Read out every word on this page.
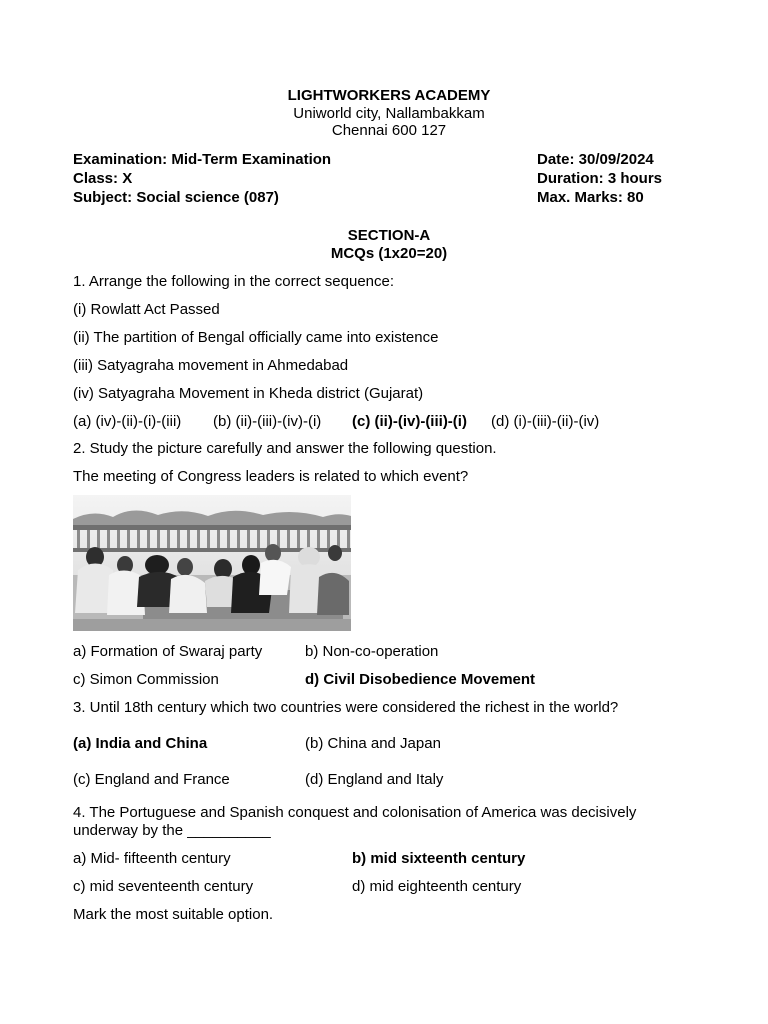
LIGHTWORKERS ACADEMY
Uniworld city, Nallambakkam
Chennai 600 127
Examination: Mid-Term Examination
Class: X
Subject: Social science (087)
Date: 30/09/2024
Duration: 3 hours
Max. Marks: 80
SECTION-A
MCQs (1x20=20)
1. Arrange the following in the correct sequence:
(i) Rowlatt Act Passed
(ii) The partition of Bengal officially came into existence
(iii) Satyagraha movement in Ahmedabad
(iv) Satyagraha Movement in Kheda district (Gujarat)
(a) (iv)-(ii)-(i)-(iii) (b) (ii)-(iii)-(iv)-(i) (c) (ii)-(iv)-(iii)-(i) (d) (i)-(iii)-(ii)-(iv)
2. Study the picture carefully and answer the following question.
The meeting of Congress leaders is related to which event?
a) Formation of Swaraj party	b) Non-co-operation
c) Simon Commission	d) Civil Disobedience Movement
3. Until 18th century which two countries were considered the richest in the world?
(a) India and China	(b) China and Japan
(c) England and France	(d) England and Italy
4. The Portuguese and Spanish conquest and colonisation of America was decisively
underway by the __________
a) Mid- fifteenth century	b) mid sixteenth century
c) mid seventeenth century	d) mid eighteenth century
Mark the most suitable option.
